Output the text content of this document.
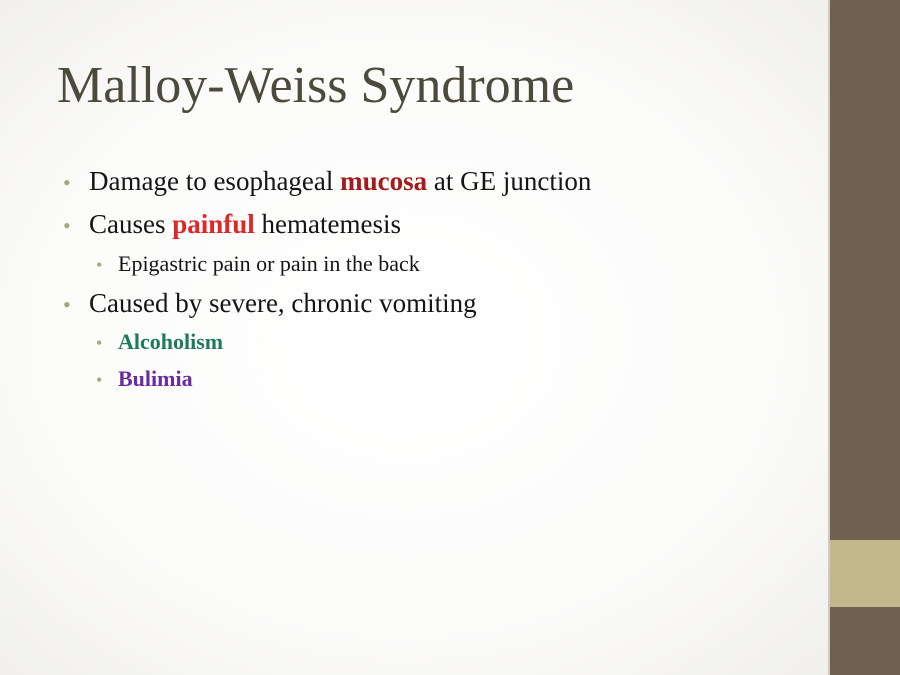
Malloy-Weiss Syndrome
• Damage to esophageal mucosa at GE junction
• Causes painful hematemesis
• Epigastric pain or pain in the back
• Caused by severe, chronic vomiting
• Alcoholism
• Bulimia
